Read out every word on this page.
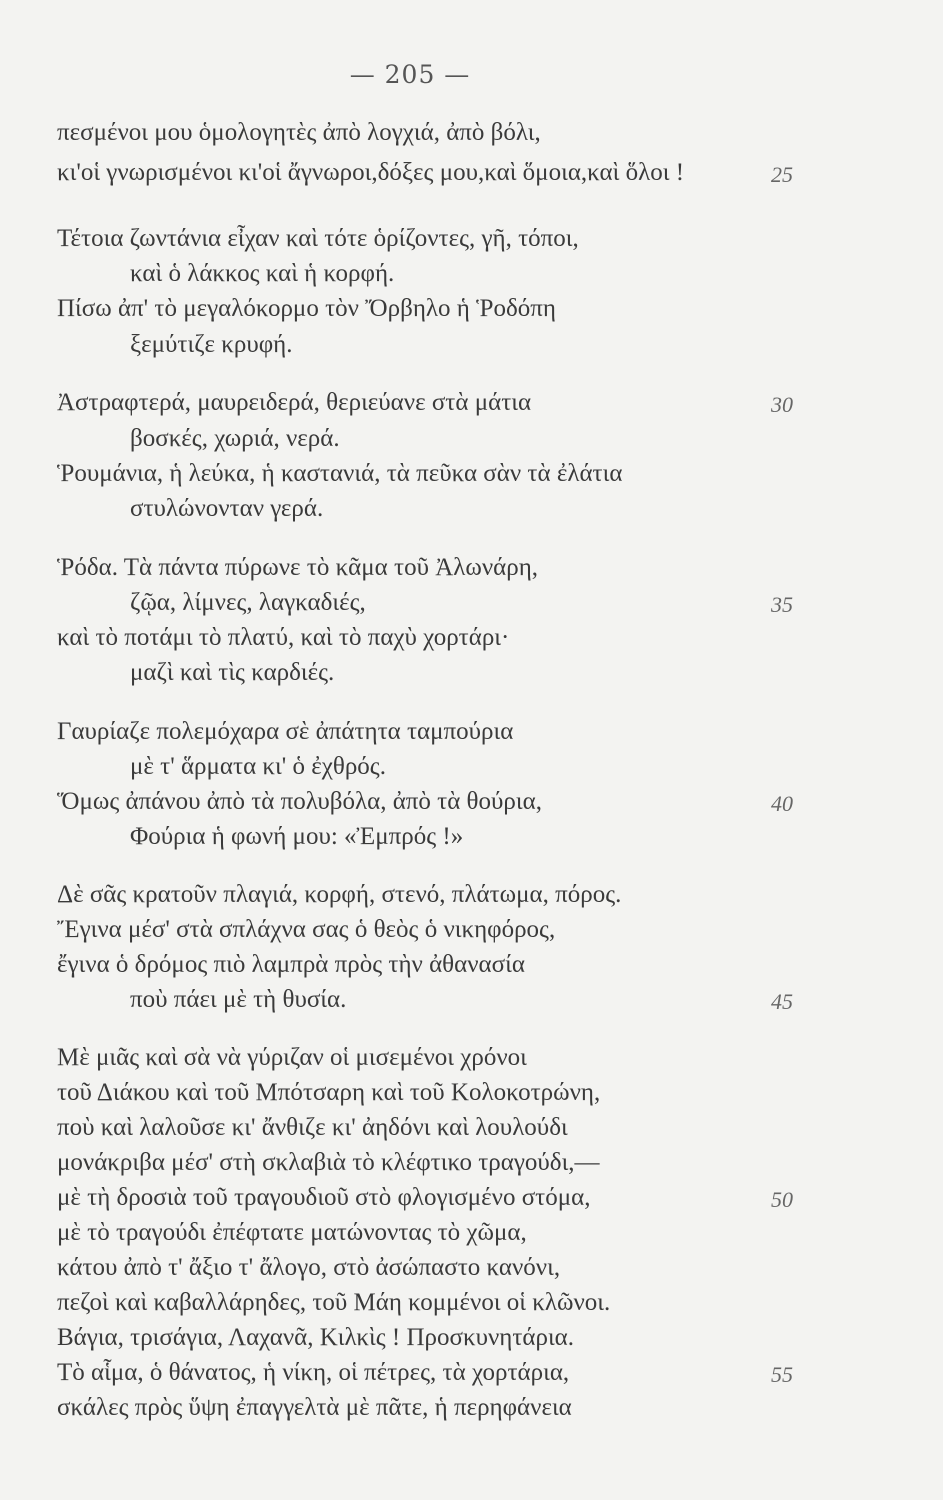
— 205 —
πεσμένοι μου ὁμολογητὲς ἀπὸ λογχιά, ἀπὸ βόλι,
κι'οἱ γνωρισμένοι κι'οἱ ἄγνωροι,δόξες μου,καὶ ὅμοια,καὶ ὅλοι !	25
Τέτοια ζωντάνια εἶχαν καὶ τότε ὁρίζοντες, γῆ, τόποι,
καὶ ὁ λάκκος καὶ ἡ κορφή.
Πίσω ἀπ' τὸ μεγαλόκορμο τὸν Ὄρβηλο ἡ Ῥοδόπη
ξεμύτιζε κρυφή.
Ἀστραφτερά, μαυρειδερά, θεριεύανε στὰ μάτια	30
βοσκές, χωριά, νερά.
Ῥουμάνια, ἡ λεύκα, ἡ καστανιά, τὰ πεῦκα σὰν τὰ ἐλάτια
στυλώνονταν γερά.
Ῥόδα. Τὰ πάντα πύρωνε τὸ κᾶμα τοῦ Ἀλωνάρη,
ζῷα, λίμνες, λαγκαδιές,	35
καὶ τὸ ποτάμι τὸ πλατύ, καὶ τὸ παχὺ χορτάρι·
μαζὶ καὶ τὶς καρδιές.
Γαυρίαζε πολεμόχαρα σὲ ἀπάτητα ταμπούρια
μὲ τ' ἅρματα κι' ὁ ἐχθρός.
Ὅμως ἀπάνου ἀπὸ τὰ πολυβόλα, ἀπὸ τὰ θούρια,	40
Φούρια ἡ φωνή μου: «Ἐμπρός !»
Δὲ σᾶς κρατοῦν πλαγιά, κορφή, στενό, πλάτωμα, πόρος.
Ἔγινα μέσ' στὰ σπλάχνα σας ὁ θεὸς ὁ νικηφόρος,
ἔγινα ὁ δρόμος πιὸ λαμπρὰ πρὸς τὴν ἀθανασία
ποὺ πάει μὲ τὴ θυσία.	45
Μὲ μιᾶς καὶ σὰ νὰ γύριζαν οἱ μισεμένοι χρόνοι
τοῦ Διάκου καὶ τοῦ Μπότσαρη καὶ τοῦ Κολοκοτρώνη,
ποὺ καὶ λαλοῦσε κι' ἄνθιζε κι' ἀηδόνι καὶ λουλούδι
μονάκριβα μέσ' στὴ σκλαβιὰ τὸ κλέφτικο τραγούδι,—
μὲ τὴ δροσιὰ τοῦ τραγουδιοῦ στὸ φλογισμένο στόμα,	50
μὲ τὸ τραγούδι ἐπέφτατε ματώνοντας τὸ χῶμα,
κάτου ἀπὸ τ' ἄξιο τ' ἄλογο, στὸ ἀσώπαστο κανόνι,
πεζοὶ καὶ καβαλλάρηδες, τοῦ Μάη κομμένοι οἱ κλῶνοι.
Βάγια, τρισάγια, Λαχανᾶ, Κιλκὶς ! Προσκυνητάρια.
Τὸ αἷμα, ὁ θάνατος, ἡ νίκη, οἱ πέτρες, τὰ χορτάρια,	55
σκάλες πρὸς ὕψη ἐπαγγελτὰ μὲ πᾶτε, ἡ περηφάνεια
